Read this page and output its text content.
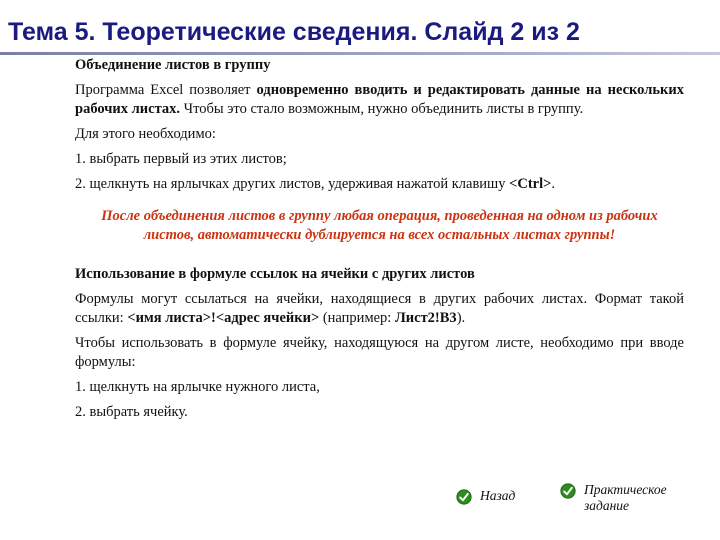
Тема 5. Теоретические сведения. Слайд 2 из 2

Объединение листов в группу

Программа Excel позволяет одновременно вводить и редактировать данные на нескольких рабочих листах. Чтобы это стало возможным, нужно объединить листы в группу.

Для этого необходимо:

1. выбрать первый из этих листов;

2. щелкнуть на ярлычках других листов, удерживая нажатой клавишу <Ctrl>.

После объединения листов в группу любая операция, проведенная на одном из рабочих листов, автоматически дублируется на всех остальных листах группы!

Использование в формуле ссылок на ячейки с других листов

Формулы могут ссылаться на ячейки, находящиеся в других рабочих листах. Формат такой ссылки: <имя листа>!<адрес ячейки> (например: Лист2!B3).

Чтобы использовать в формуле ячейку, находящуюся на другом листе, необходимо при вводе формулы:

1. щелкнуть на ярлычке нужного листа,

2. выбрать ячейку.

Назад	Практическое задание
